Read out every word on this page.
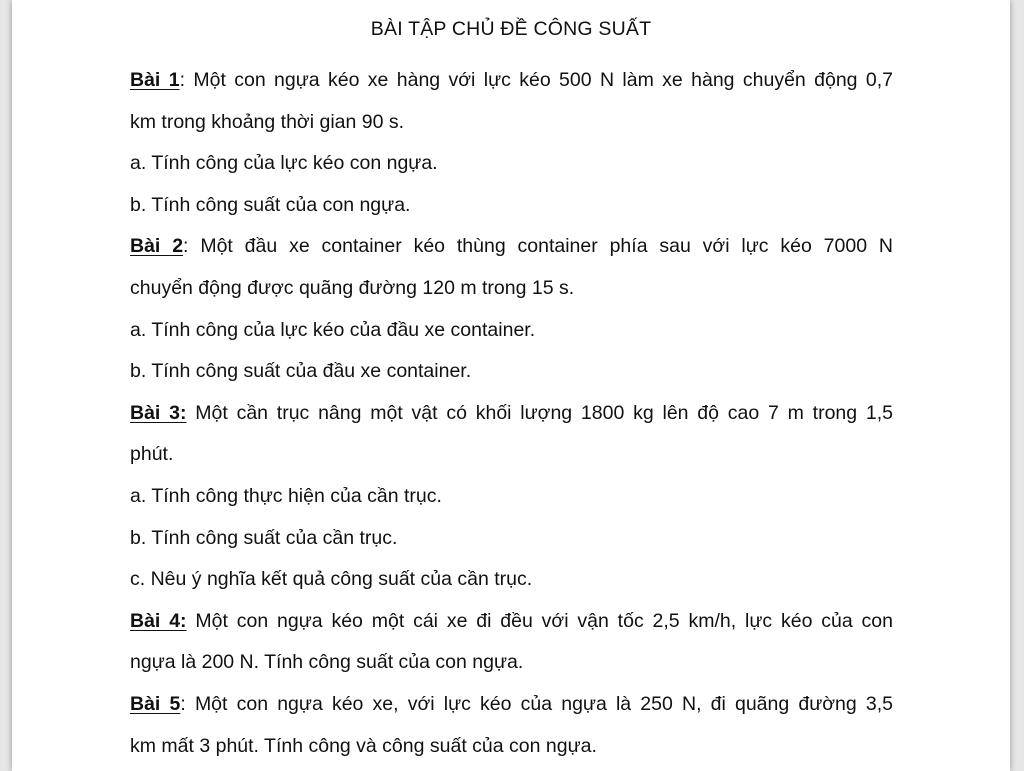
BÀI TẬP CHỦ ĐỀ CÔNG SUẤT
Bài 1: Một con ngựa kéo xe hàng với lực kéo 500 N làm xe hàng chuyển động 0,7
km trong khoảng thời gian 90 s.
a. Tính công của lực kéo con ngựa.
b. Tính công suất của con ngựa.
Bài 2: Một đầu xe container kéo thùng container phía sau với lực kéo 7000 N
chuyển động được quãng đường 120 m trong 15 s.
a. Tính công của lực kéo của đầu xe container.
b. Tính công suất của đầu xe container.
Bài 3: Một cần trục nâng một vật có khối lượng 1800 kg lên độ cao 7 m trong 1,5
phút.
a. Tính công thực hiện của cần trục.
b. Tính công suất của cần trục.
c. Nêu ý nghĩa kết quả công suất của cần trục.
Bài 4: Một con ngựa kéo một cái xe đi đều với vận tốc 2,5 km/h, lực kéo của con
ngựa là 200 N. Tính công suất của con ngựa.
Bài 5: Một con ngựa kéo xe, với lực kéo của ngựa là 250 N, đi quãng đường 3,5
km mất 3 phút. Tính công và công suất của con ngựa.
